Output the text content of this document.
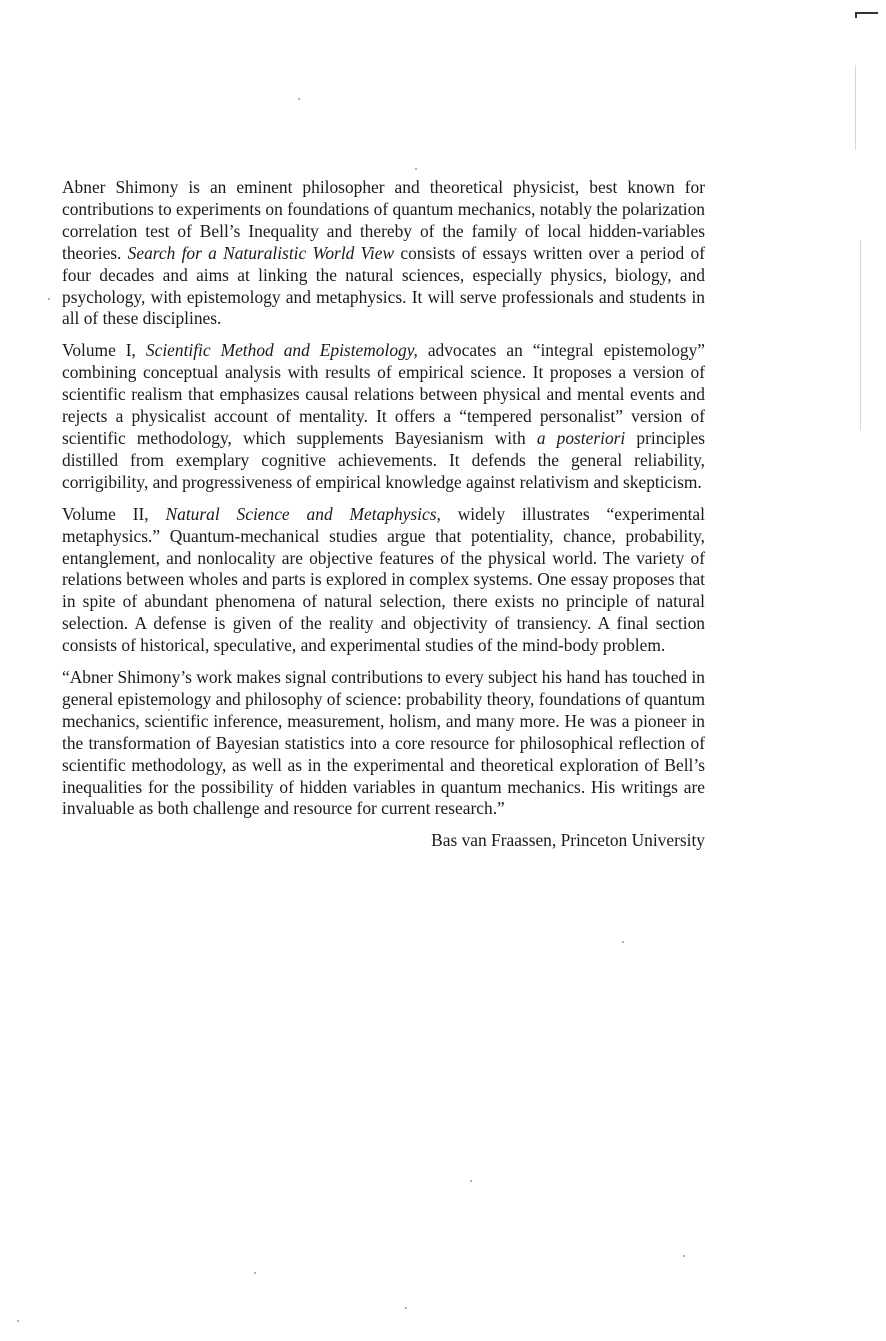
Abner Shimony is an eminent philosopher and theoretical physicist, best known for contributions to experiments on foundations of quantum mechanics, notably the polarization correlation test of Bell’s Inequality and thereby of the family of local hidden-variables theories. Search for a Naturalistic World View consists of essays written over a period of four decades and aims at linking the natural sciences, especially physics, biology, and psychology, with epistemology and metaphysics. It will serve professionals and students in all of these disciplines.

Volume I, Scientific Method and Epistemology, advocates an “integral epistemology” combining conceptual analysis with results of empirical science. It proposes a version of scientific realism that emphasizes causal relations between physical and mental events and rejects a physicalist account of mentality. It offers a “tempered personalist” version of scientific methodology, which supplements Bayesianism with a posteriori principles distilled from exemplary cognitive achievements. It defends the general reliability, corrigibility, and progressiveness of empirical knowledge against relativism and skepticism.

Volume II, Natural Science and Metaphysics, widely illustrates “experimental metaphysics.” Quantum-mechanical studies argue that potentiality, chance, probability, entanglement, and nonlocality are objective features of the physical world. The variety of relations between wholes and parts is explored in complex systems. One essay proposes that in spite of abundant phenomena of natural selection, there exists no principle of natural selection. A defense is given of the reality and objectivity of transiency. A final section consists of historical, speculative, and experimental studies of the mind-body problem.

“Abner Shimony’s work makes signal contributions to every subject his hand has touched in general epistemology and philosophy of science: probability theory, foundations of quantum mechanics, scientific inference, measurement, holism, and many more. He was a pioneer in the transformation of Bayesian statistics into a core resource for philosophical reflection of scientific methodology, as well as in the experimental and theoretical exploration of Bell’s inequalities for the possibility of hidden variables in quantum mechanics. His writings are invaluable as both challenge and resource for current research.”

Bas van Fraassen, Princeton University
